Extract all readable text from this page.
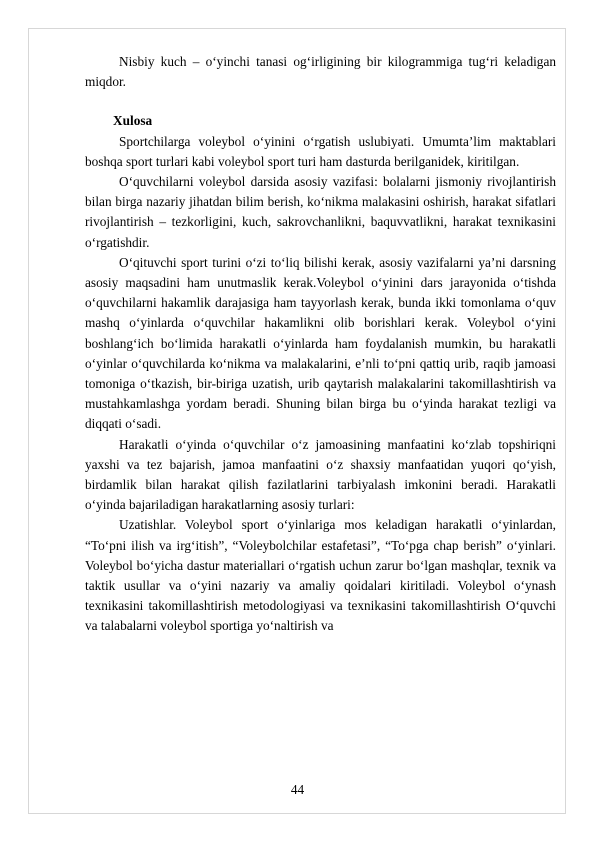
Nisbiy kuch – o‘yinchi tanasi og‘irligining bir kilogrammiga tug‘ri keladigan miqdor.

Xulosa

Sportchilarga voleybol o‘yinini o‘rgatish uslubiyati. Umumta’lim maktablari boshqa sport turlari kabi voleybol sport turi ham dasturda berilganidek, kiritilgan.

O‘quvchilarni voleybol darsida asosiy vazifasi: bolalarni jismoniy rivojlantirish bilan birga nazariy jihatdan bilim berish, ko‘nikma malakasini oshirish, harakat sifatlari rivojlantirish – tezkorligini, kuch, sakrovchanlikni, baquvvatlikni, harakat texnikasini o‘rgatishdir.

O‘qituvchi sport turini o‘zi to‘liq bilishi kerak, asosiy vazifalarni ya’ni darsning asosiy maqsadini ham unutmaslik kerak.Voleybol o‘yinini dars jarayonida o‘tishda o‘quvchilarni hakamlik darajasiga ham tayyorlash kerak, bunda ikki tomonlama o‘quv mashq o‘yinlarda o‘quvchilar hakamlikni olib borishlari kerak. Voleybol o‘yini boshlang‘ich bo‘limida harakatli o‘yinlarda ham foydalanish mumkin, bu harakatli o‘yinlar o‘quvchilarda ko‘nikma va malakalarini, e’nli to‘pni qattiq urib, raqib jamoasi tomoniga o‘tkazish, bir-biriga uzatish, urib qaytarish malakalarini takomillashtirish va mustahkamlashga yordam beradi. Shuning bilan birga bu o‘yinda harakat tezligi va diqqati o‘sadi.

Harakatli o‘yinda o‘quvchilar o‘z jamoasining manfaatini ko‘zlab topshiriqni yaxshi va tez bajarish, jamoa manfaatini o‘z shaxsiy manfaatidan yuqori qo‘yish, birdamlik bilan harakat qilish fazilatlarini tarbiyalash imkonini beradi. Harakatli o‘yinda bajariladigan harakatlarning asosiy turlari:

Uzatishlar. Voleybol sport o‘yinlariga mos keladigan harakatli o‘yinlardan, “To‘pni ilish va irg‘itish”, “Voleybolchilar estafetasi”, “To‘pga chap berish” o‘yinlari. Voleybol bo‘yicha dastur materiallari o‘rgatish uchun zarur bo‘lgan mashqlar, texnik va taktik usullar va o‘yini nazariy va amaliy qoidalari kiritiladi. Voleybol o‘ynash texnikasini takomillashtirish metodologiyasi va texnikasini takomillashtirish O‘quvchi va talabalarni voleybol sportiga yo‘naltirish va

44
